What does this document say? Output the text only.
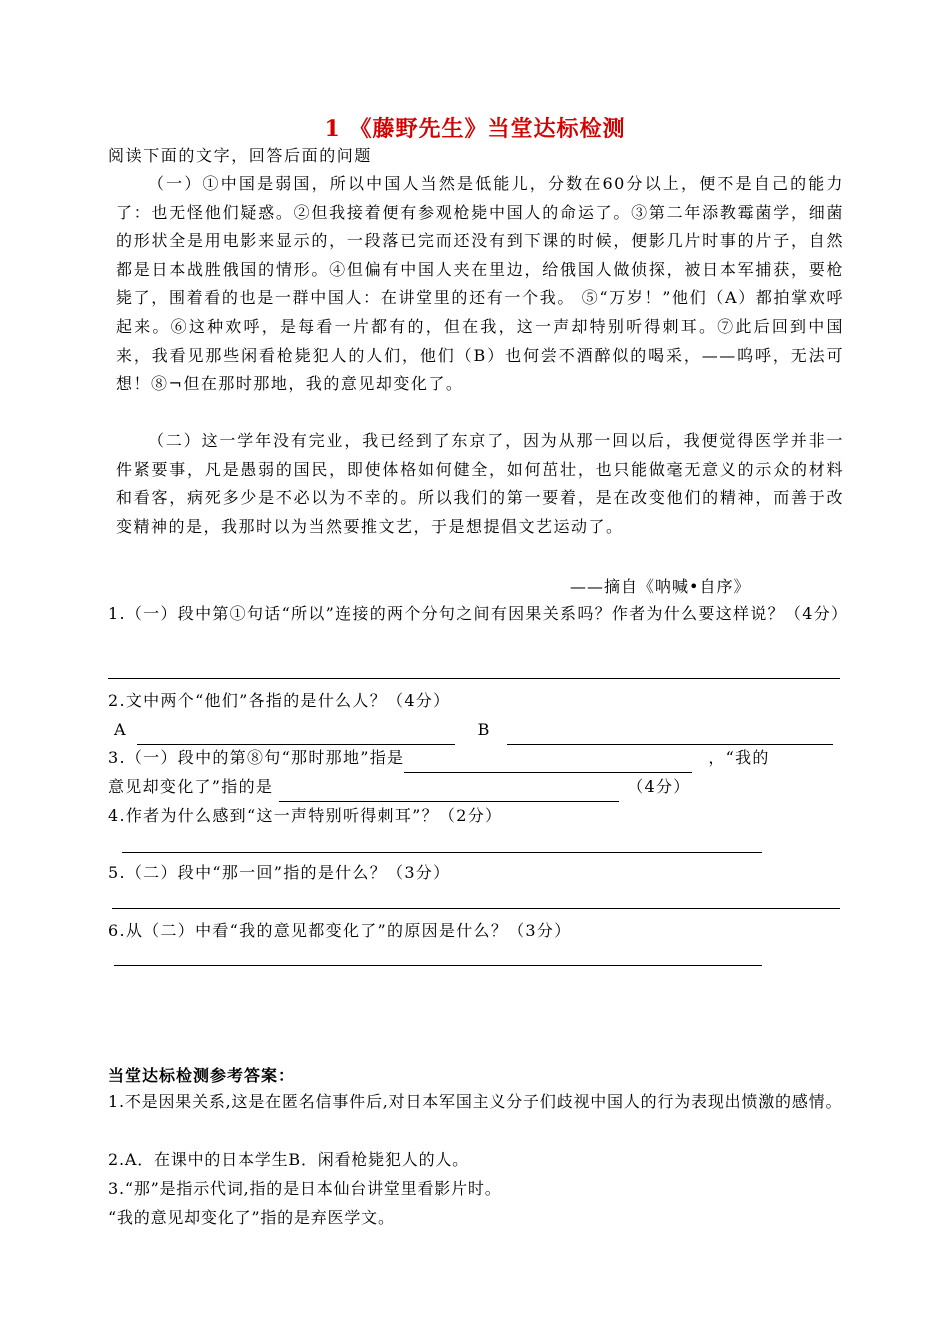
1 《藤野先生》当堂达标检测
阅读下面的文字，回答后面的问题
（一）①中国是弱国，所以中国人当然是低能儿，分数在60分以上，便不是自己的能力了：也无怪他们疑惑。②但我接着便有参观枪毙中国人的命运了。③第二年添教霉菌学，细菌的形状全是用电影来显示的，一段落已完而还没有到下课的时候，便影几片时事的片子，自然都是日本战胜俄国的情形。④但偏有中国人夹在里边，给俄国人做侦探，被日本军捕获，要枪毙了，围着看的也是一群中国人：在讲堂里的还有一个我。 ⑤“万岁！”他们（A）都拍掌欢呼起来。⑥这种欢呼，是每看一片都有的，但在我，这一声却特别听得刺耳。⑦此后回到中国来，我看见那些闲看枪毙犯人的人们，他们（B）也何尝不酒醉似的喝采，——呜呼，无法可想！⑧¬但在那时那地，我的意见却变化了。
（二）这一学年没有完业，我已经到了东京了，因为从那一回以后，我便觉得医学并非一件紧要事，凡是愚弱的国民，即使体格如何健全，如何茁壮，也只能做毫无意义的示众的材料和看客，病死多少是不必以为不幸的。所以我们的第一要着，是在改变他们的精神，而善于改变精神的是，我那时以为当然要推文艺，于是想提倡文艺运动了。
——摘自《呐喊•自序》
1.（一）段中第①句话“所以”连接的两个分句之间有因果关系吗？作者为什么要这样说？（4分）
2.文中两个“他们”各指的是什么人？（4分）
A	B
3.（一）段中的第⑧句“那时那地”指是	，“我的
意见却变化了”指的是	（4分）
4.作者为什么感到“这一声特别听得刺耳”？（2分）
5.（二）段中“那一回”指的是什么？（3分）
6.从（二）中看“我的意见都变化了”的原因是什么？（3分）
当堂达标检测参考答案：
1.不是因果关系,这是在匿名信事件后,对日本军国主义分子们歧视中国人的行为表现出愤激的感情。
2.A．在课中的日本学生B．闲看枪毙犯人的人。
3.“那”是指示代词,指的是日本仙台讲堂里看影片时。
“我的意见却变化了”指的是弃医学文。
